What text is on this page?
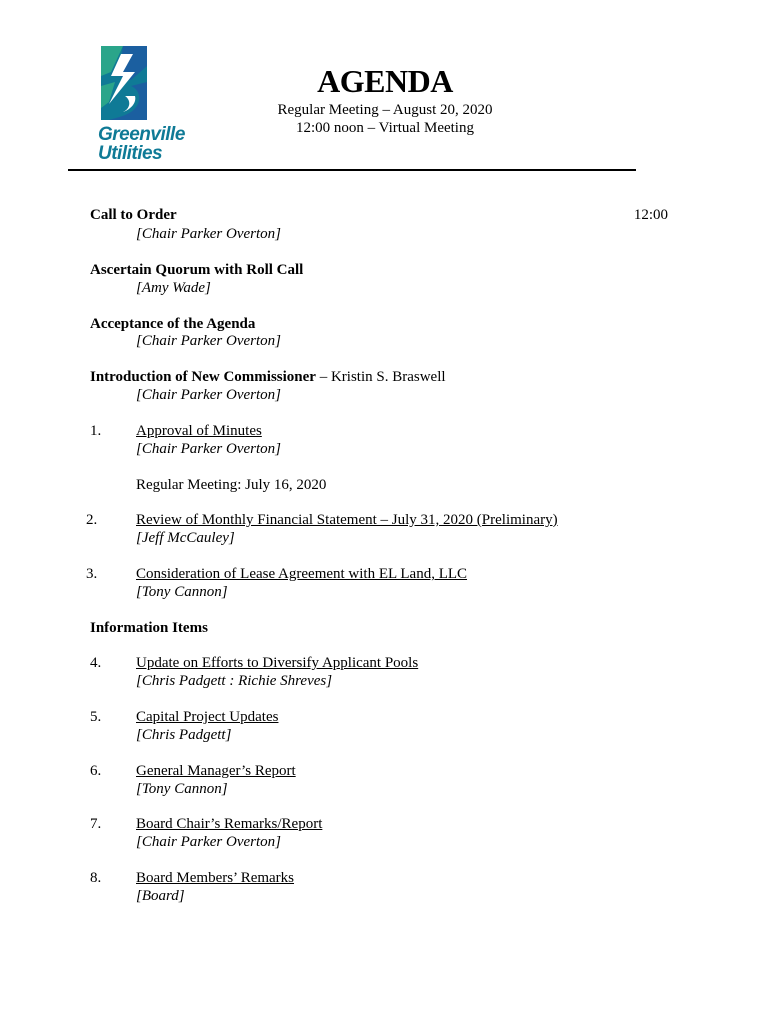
Greenville
Utilities
AGENDA
Regular Meeting – August 20, 2020
12:00 noon – Virtual Meeting
12:00
Call to Order
[Chair Parker Overton]
Ascertain Quorum with Roll Call
[Amy Wade]
Acceptance of the Agenda
[Chair Parker Overton]
Introduction of New Commissioner – Kristin S. Braswell
[Chair Parker Overton]
1. Approval of Minutes
[Chair Parker Overton]
Regular Meeting: July 16, 2020
2.	Review of Monthly Financial Statement – July 31, 2020 (Preliminary)
[Jeff McCauley]
3.	Consideration of Lease Agreement with EL Land, LLC
[Tony Cannon]
Information Items
4. Update on Efforts to Diversify Applicant Pools
[Chris Padgett : Richie Shreves]
5. Capital Project Updates
[Chris Padgett]
6. General Manager’s Report
[Tony Cannon]
7. Board Chair’s Remarks/Report
[Chair Parker Overton]
8. Board Members’ Remarks
[Board]
